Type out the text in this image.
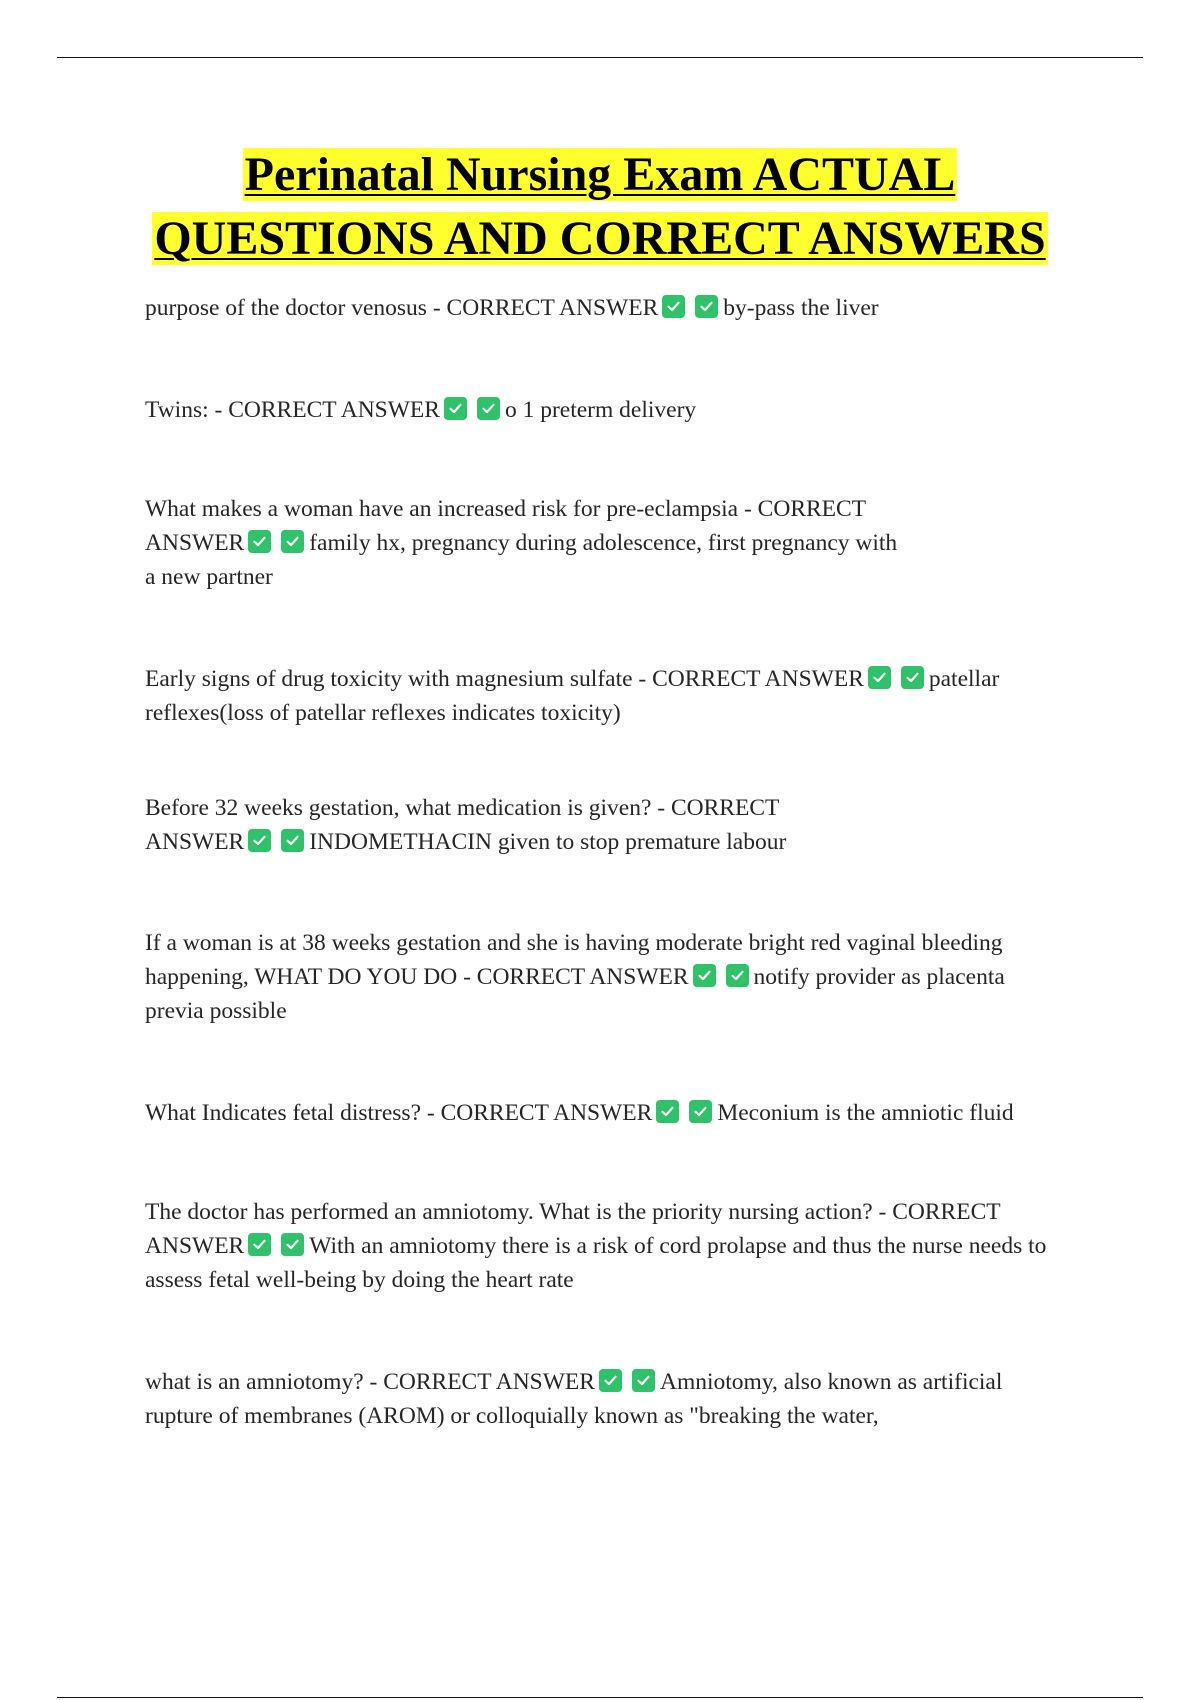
Perinatal Nursing Exam ACTUAL
QUESTIONS AND CORRECT ANSWERS

purpose of the doctor venosus - CORRECT ANSWER	by-pass the liver

Twins: - CORRECT ANSWER	o 1 preterm delivery

What makes a woman have an increased risk for pre-eclampsia - CORRECT ANSWER	family hx, pregnancy during adolescence, first pregnancy with a new partner

Early signs of drug toxicity with magnesium sulfate - CORRECT ANSWER	patellar reflexes(loss of patellar reflexes indicates toxicity)

Before 32 weeks gestation, what medication is given? - CORRECT ANSWER	INDOMETHACIN given to stop premature labour

If a woman is at 38 weeks gestation and she is having moderate bright red vaginal bleeding happening, WHAT DO YOU DO - CORRECT ANSWER	notify provider as placenta previa possible

What Indicates fetal distress? - CORRECT ANSWER	Meconium is the amniotic fluid

The doctor has performed an amniotomy. What is the priority nursing action? - CORRECT ANSWER	With an amniotomy there is a risk of cord prolapse and thus the nurse needs to assess fetal well-being by doing the heart rate

what is an amniotomy? - CORRECT ANSWER	Amniotomy, also known as artificial rupture of membranes (AROM) or colloquially known as "breaking the water,
